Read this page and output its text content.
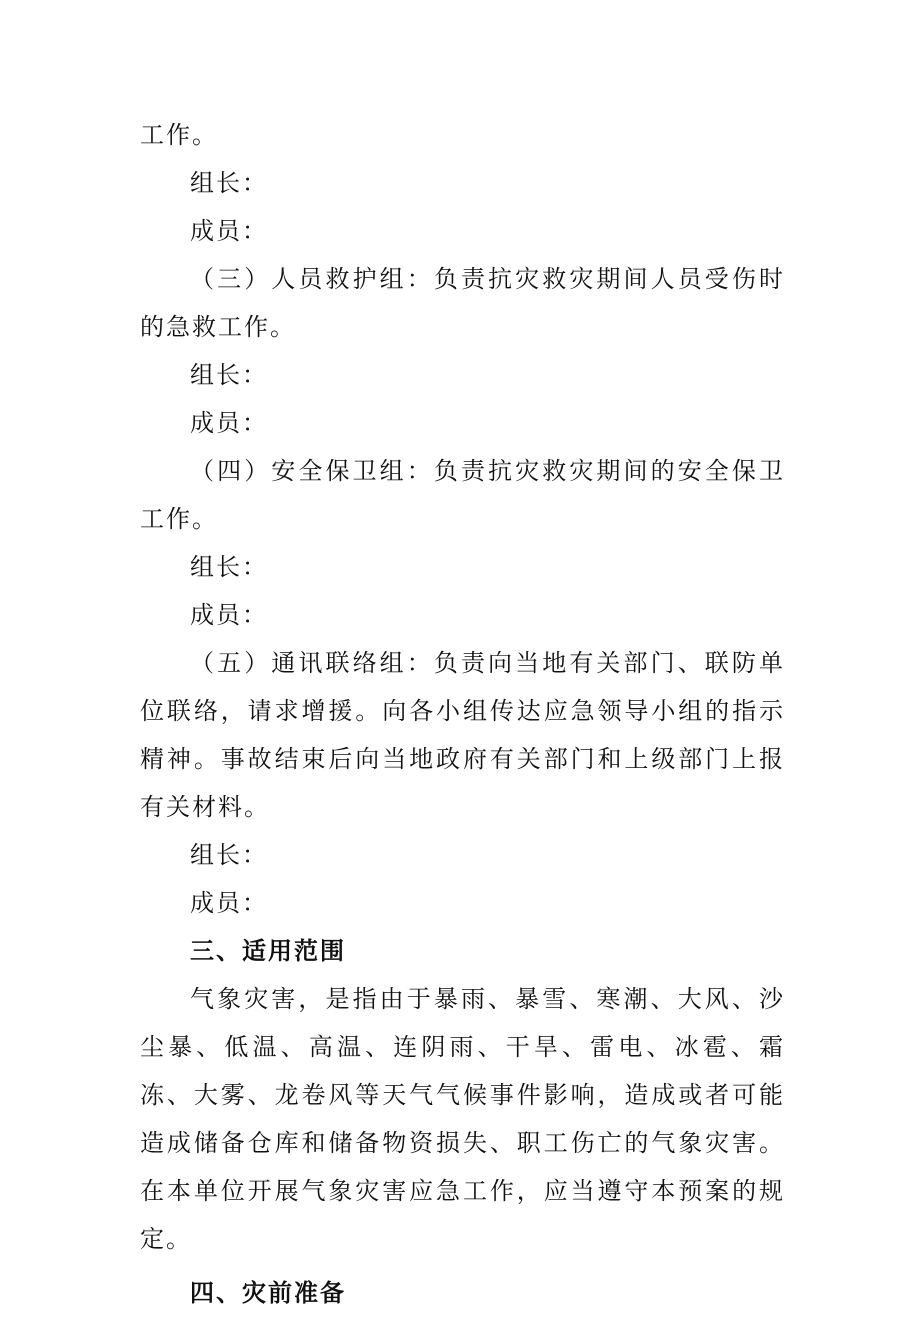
工作。

组长：

成员：

（三）人员救护组：负责抗灾救灾期间人员受伤时的急救工作。

组长：

成员：

（四）安全保卫组：负责抗灾救灾期间的安全保卫工作。

组长：

成员：

（五）通讯联络组：负责向当地有关部门、联防单位联络，请求增援。向各小组传达应急领导小组的指示精神。事故结束后向当地政府有关部门和上级部门上报有关材料。

组长：

成员：

三、适用范围

气象灾害，是指由于暴雨、暴雪、寒潮、大风、沙尘暴、低温、高温、连阴雨、干旱、雷电、冰雹、霜冻、大雾、龙卷风等天气气候事件影响，造成或者可能造成储备仓库和储备物资损失、职工伤亡的气象灾害。在本单位开展气象灾害应急工作，应当遵守本预案的规定。

四、灾前准备
